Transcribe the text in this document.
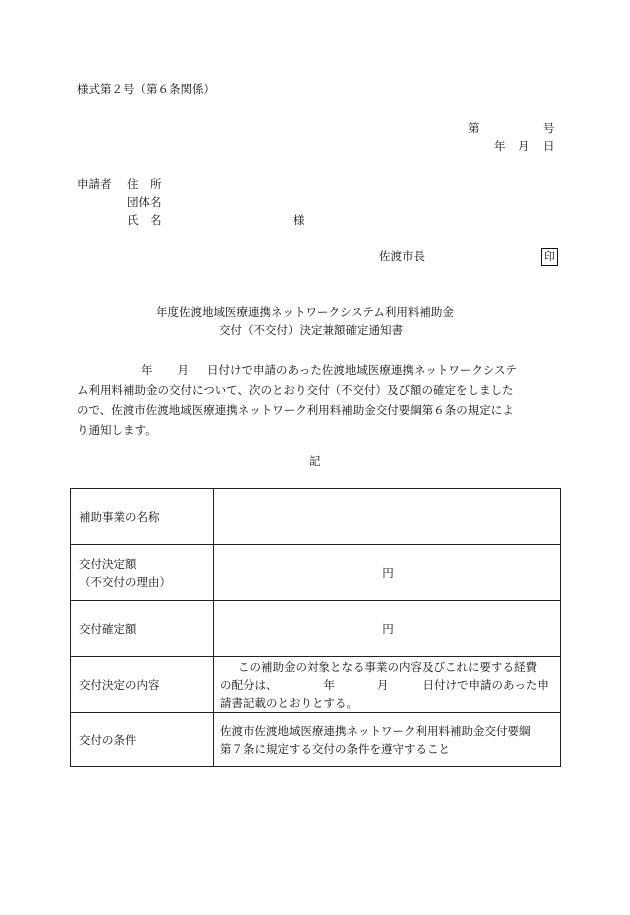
様式第２号（第６条関係）
第	号
年 月 日
申請者 住　所
団体名
氏　名	様
佐渡市長	印
年度佐渡地域医療連携ネットワークシステム利用料補助金
交付（不交付）決定兼額確定通知書
年 月 日付けで申請のあった佐渡地域医療連携ネットワークシステ
ム利用料補助金の交付について、次のとおり交付（不交付）及び額の確定をしました
ので、佐渡市佐渡地域医療連携ネットワーク利用料補助金交付要綱第６条の規定によ
り通知します。
記
補助事業の名称	

交付決定額
（不交付の理由）	円
交付確定額	円
交付決定の内容	この補助金の対象となる事業の内容及びこれに要する経費
の配分は、 年 月 日付けで申請のあった申
請書記載のとおりとする。

交付の条件	佐渡市佐渡地域医療連携ネットワーク利用料補助金交付要綱
第７条に規定する交付の条件を遵守すること
